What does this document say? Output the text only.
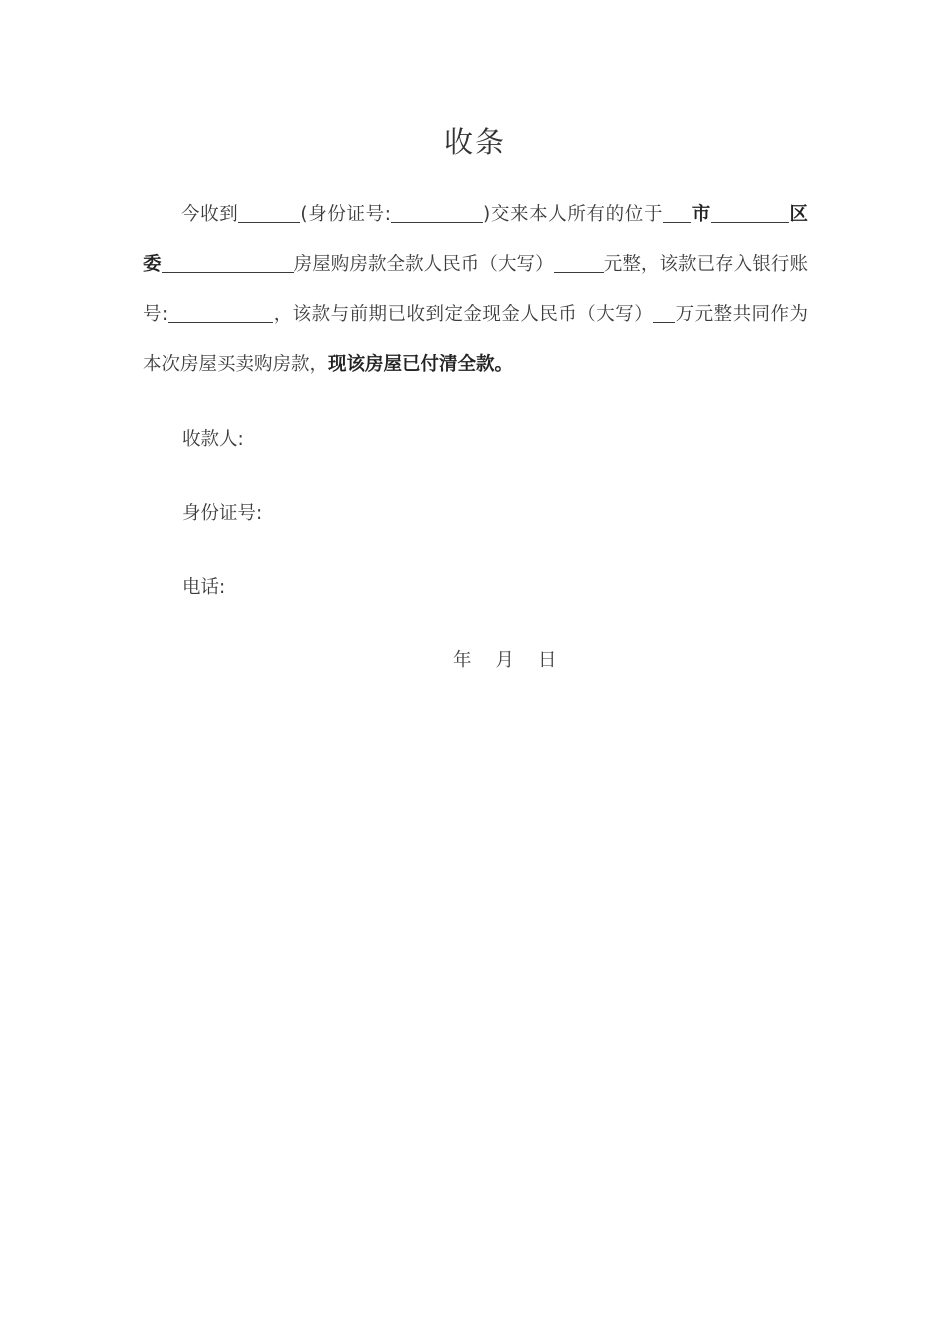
收条

今收到	(身份证号:	)交来本人所有的位于 市	区委	房屋购房款全款人民币（大写）	元整，该款已存入银行账号:	，该款与前期已收到定金现金人民币（大写） 万元整共同作为本次房屋买卖购房款，现该房屋已付清全款。

收款人:
身份证号:
电话:
年 月 日
